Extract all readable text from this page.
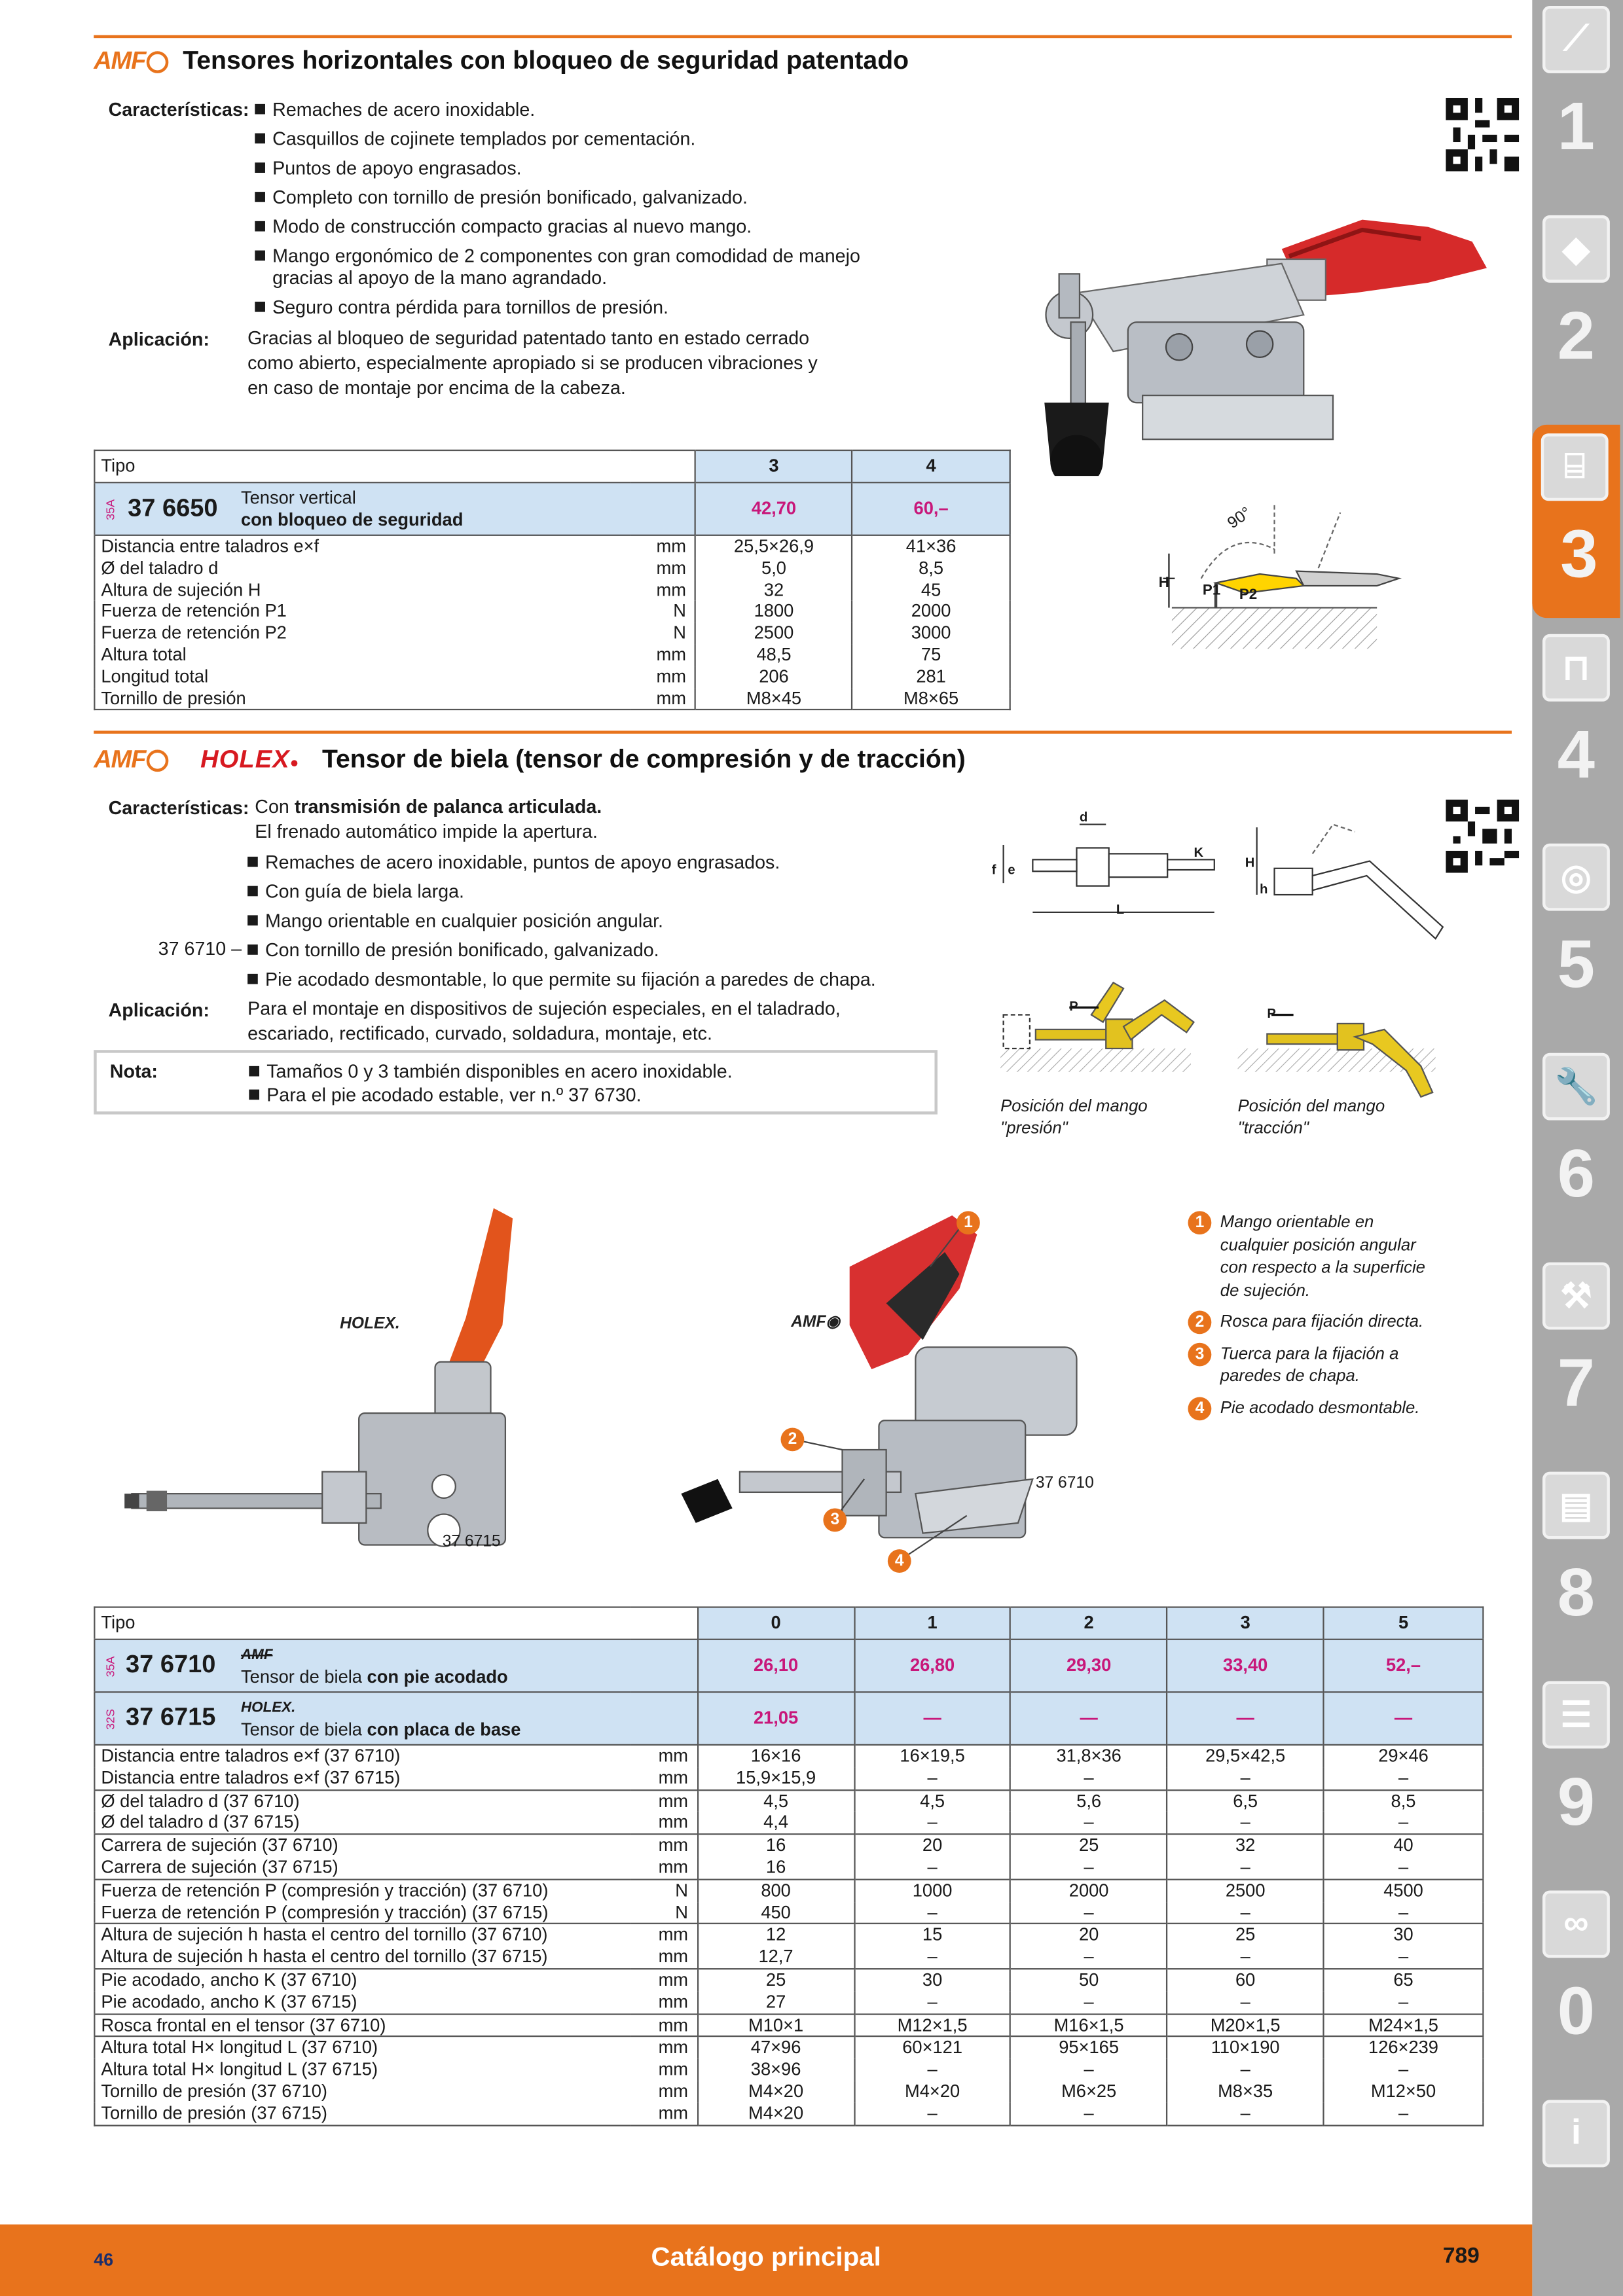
AMF	Tensores horizontales con bloqueo de seguridad patentado
Características:	Remaches de acero inoxidable.
Casquillos de cojinete templados por cementación.
Puntos de apoyo engrasados.
Completo con tornillo de presión bonificado, galvanizado.
Modo de construcción compacto gracias al nuevo mango.
Mango ergonómico de 2 componentes con gran comodidad de manejo gracias al apoyo de la mano agrandado.
Seguro contra pérdida para tornillos de presión.
Aplicación:	Gracias al bloqueo de seguridad patentado tanto en estado cerrado como abierto, especialmente apropiado si se producen vibraciones y en caso de montaje por encima de la cabeza.
90°
H	P1	P2
Tipo			3	4
35A 37 6650	Tensor vertical
con bloqueo de seguridad		42,70	60,–
Distancia entre taladros e×f		mm	25,5×26,9	41×36
Ø del taladro d		mm	5,0	8,5
Altura de sujeción H		mm	32	45
Fuerza de retención P1		N	1800	2000
Fuerza de retención P2		N	2500	3000
Altura total		mm	48,5	75
Longitud total		mm	206	281
Tornillo de presión		mm	M8×45	M8×65
AMF	HOLEX● Tensor de biela (tensor de compresión y de tracción)
Características: Con transmisión de palanca articulada.
El frenado automático impide la apertura.
Remaches de acero inoxidable, puntos de apoyo engrasados.
Con guía de biela larga.
Mango orientable en cualquier posición angular.
Con tornillo de presión bonificado, galvanizado.
Pie acodado desmontable, lo que permite su fijación a paredes de chapa.
37 6710 –
Aplicación:	Para el montaje en dispositivos de sujeción especiales, en el taladrado, escariado, rectificado, curvado, soldadura, montaje, etc.
Nota:	Tamaños 0 y 3 también disponibles en acero inoxidable.
Para el pie acodado estable, ver n.º 37 6730.
d
K
f e
L
H
h
P	P
Posición del mango "presión"
Posición del mango "tracción"
HOLEX.
37 6715
AMF◉
37 6710
1
2
3
4
1	Mango orientable en cualquier posición angular con respecto a la superficie de sujeción.
2	Rosca para fijación directa.
3	Tuerca para la fijación a paredes de chapa.
4	Pie acodado desmontable.
Tipo			0	1	2	3	5
35A 37 6710	AMF
Tensor de biela con pie acodado		26,10	26,80	29,30	33,40	52,–
32S 37 6715	HOLEX.
Tensor de biela con placa de base		21,05	—	—	—	—
Distancia entre taladros e×f (37 6710)		mm	16×16	16×19,5	31,8×36	29,5×42,5	29×46
Distancia entre taladros e×f (37 6715)		mm	15,9×15,9	–	–	–	–
Ø del taladro d (37 6710)		mm	4,5	4,5	5,6	6,5	8,5
Ø del taladro d (37 6715)		mm	4,4	–	–	–	–
Carrera de sujeción (37 6710)		mm	16	20	25	32	40
Carrera de sujeción (37 6715)		mm	16	–	–	–	–
Fuerza de retención P (compresión y tracción) (37 6710)		N	800	1000	2000	2500	4500
Fuerza de retención P (compresión y tracción) (37 6715)		N	450	–	–	–	–
Altura de sujeción h hasta el centro del tornillo (37 6710)		mm	12	15	20	25	30
Altura de sujeción h hasta el centro del tornillo (37 6715)		mm	12,7	–	–	–	–
Pie acodado, ancho K (37 6710)		mm	25	30	50	60	65
Pie acodado, ancho K (37 6715)		mm	27	–	–	–	–
Rosca frontal en el tensor (37 6710)		mm	M10×1	M12×1,5	M16×1,5	M20×1,5	M24×1,5
Altura total H× longitud L (37 6710)		mm	47×96	60×121	95×165	110×190	126×239
Altura total H× longitud L (37 6715)		mm	38×96	–	–	–	–
Tornillo de presión (37 6710)		mm	M4×20	M4×20	M6×25	M8×35	M12×50
Tornillo de presión (37 6715)		mm	M4×20	–	–	–	–
⟋
1
◆
2
⌸
3
⊓
4
◎
5
🔧
6
⚒
7
▤
8
☰
9
∞
0
i
46	Catálogo principal	789
